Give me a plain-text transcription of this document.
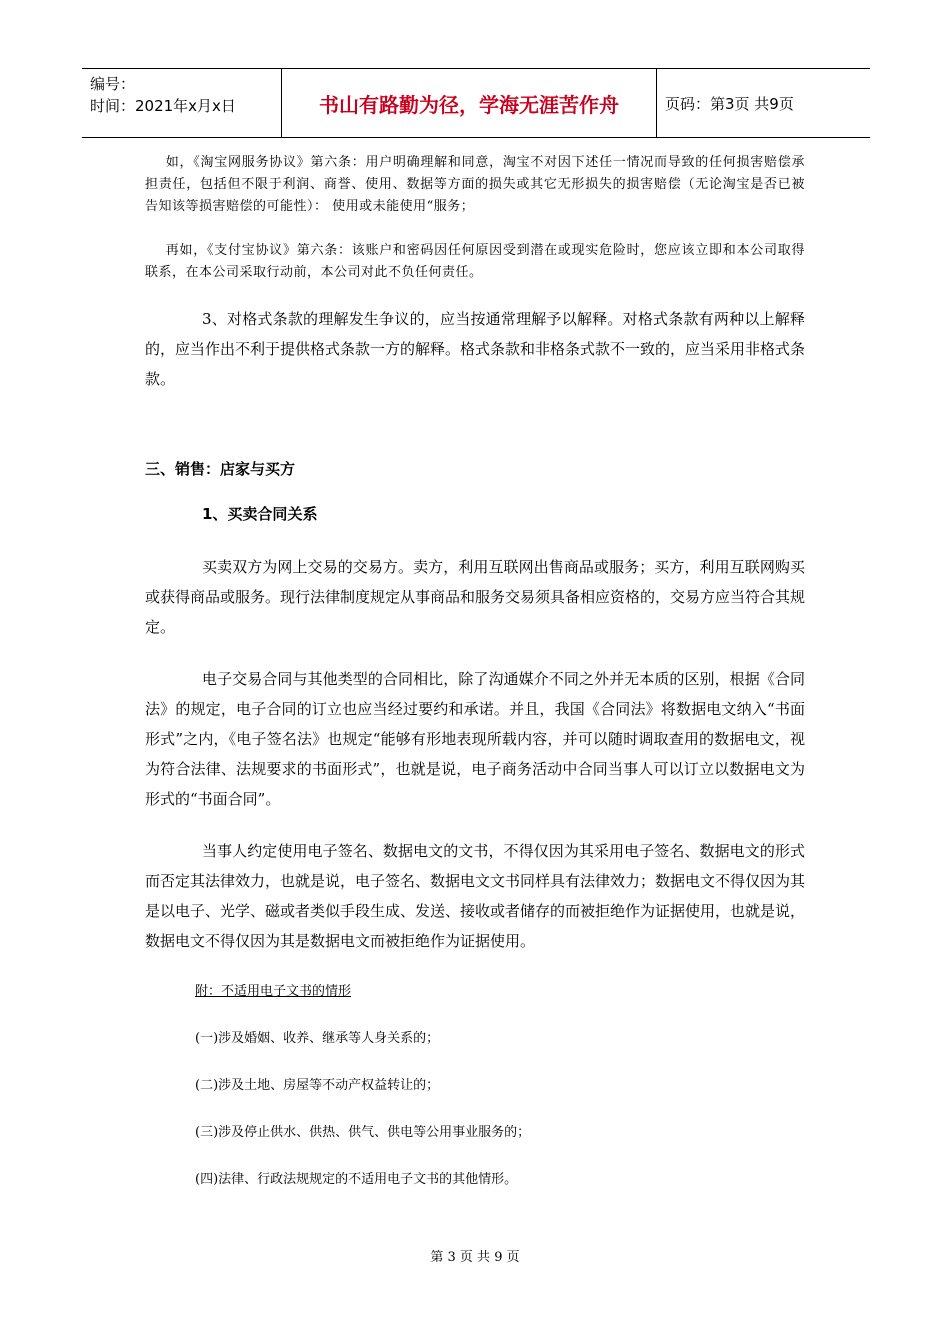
编号：
时间：2021年x月x日	书山有路勤为径，学海无涯苦作舟	页码：第3页 共9页

如，《淘宝网服务协议》第六条：用户明确理解和同意，淘宝不对因下述任一情况而导致的任何损害赔偿承担责任，包括但不限于利润、商誉、使用、数据等方面的损失或其它无形损失的损害赔偿（无论淘宝是否已被告知该等损害赔偿的可能性）： 使用或未能使用“服务；

再如，《支付宝协议》第六条：该账户和密码因任何原因受到潜在或现实危险时，您应该立即和本公司取得联系，在本公司采取行动前，本公司对此不负任何责任。

3、对格式条款的理解发生争议的，应当按通常理解予以解释。对格式条款有两种以上解释的，应当作出不利于提供格式条款一方的解释。格式条款和非格条式款不一致的，应当采用非格式条款。

三、销售：店家与买方

1、买卖合同关系

买卖双方为网上交易的交易方。卖方，利用互联网出售商品或服务；买方，利用互联网购买或获得商品或服务。现行法律制度规定从事商品和服务交易须具备相应资格的，交易方应当符合其规定。

电子交易合同与其他类型的合同相比，除了沟通媒介不同之外并无本质的区别，根据《合同法》的规定，电子合同的订立也应当经过要约和承诺。并且，我国《合同法》将数据电文纳入“书面形式”之内，《电子签名法》也规定“能够有形地表现所载内容，并可以随时调取查用的数据电文，视为符合法律、法规要求的书面形式”，也就是说，电子商务活动中合同当事人可以订立以数据电文为形式的“书面合同”。

当事人约定使用电子签名、数据电文的文书，不得仅因为其采用电子签名、数据电文的形式而否定其法律效力，也就是说，电子签名、数据电文文书同样具有法律效力；数据电文不得仅因为其是以电子、光学、磁或者类似手段生成、发送、接收或者储存的而被拒绝作为证据使用，也就是说，数据电文不得仅因为其是数据电文而被拒绝作为证据使用。

附：不适用电子文书的情形

(一)涉及婚姻、收养、继承等人身关系的；

(二)涉及土地、房屋等不动产权益转让的；

(三)涉及停止供水、供热、供气、供电等公用事业服务的；

(四)法律、行政法规规定的不适用电子文书的其他情形。

第 3 页 共 9 页
